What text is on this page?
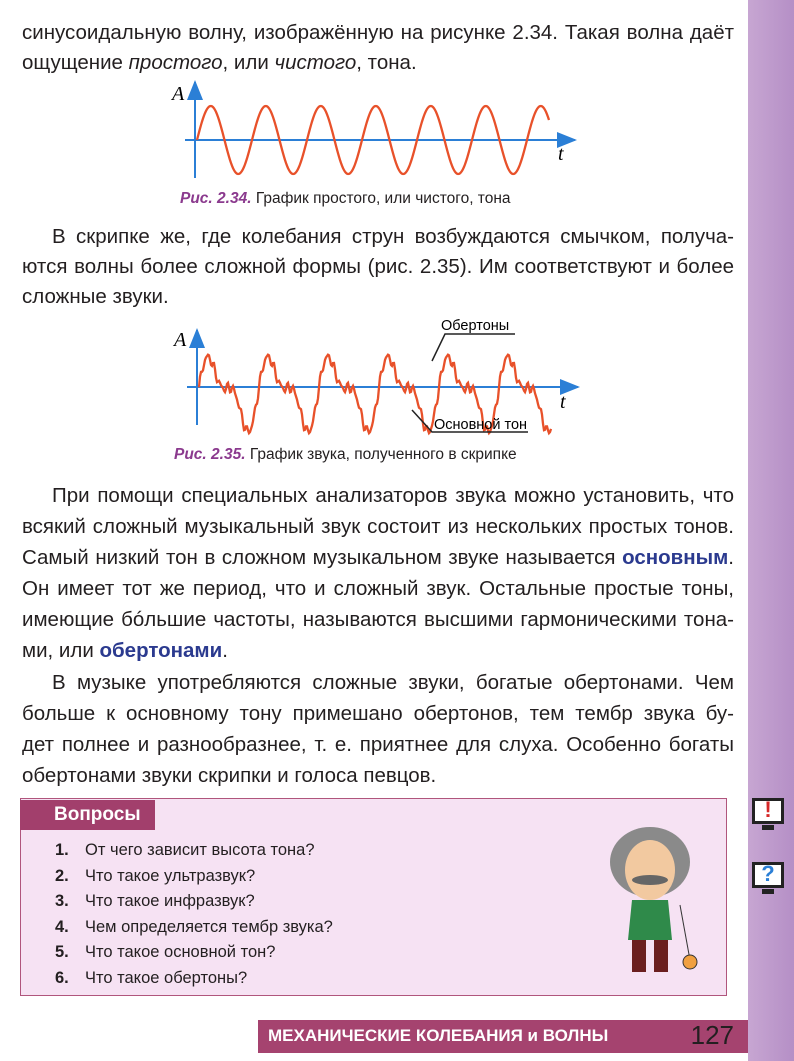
синусоидальную волну, изображённую на рисунке 2.34. Такая волна даёт
ощущение простого, или чистого, тона.
A
t
Обертоны
Основной тон
A
t
Рис. 2.34. График простого, или чистого, тона
В скрипке же, где колебания струн возбуждаются смычком, получа-
ются волны более сложной формы (рис. 2.35). Им соответствуют и более
сложные звуки.
Рис. 2.35. График звука, полученного в скрипке
При помощи специальных анализаторов звука можно установить, что
всякий сложный музыкальный звук состоит из нескольких простых тонов.
Самый низкий тон в сложном музыкальном звуке называется основным.
Он имеет тот же период, что и сложный звук. Остальные простые тоны,
имеющие бóльшие частоты, называются высшими гармоническими тона-
ми, или обертонами.
В музыке употребляются сложные звуки, богатые обертонами. Чем
больше к основному тону примешано обертонов, тем тембр звука бу-
дет полнее и разнообразнее, т. е. приятнее для слуха. Особенно богаты
обертонами звуки скрипки и голоса певцов.
Вопросы
1. От чего зависит высота тона?
2. Что такое ультразвук?
3. Что такое инфразвук?
4. Чем определяется тембр звука?
5. Что такое основной тон?
6. Что такое обертоны?
!
?
МЕХАНИЧЕСКИЕ КОЛЕБАНИЯ и ВОЛНЫ	127
